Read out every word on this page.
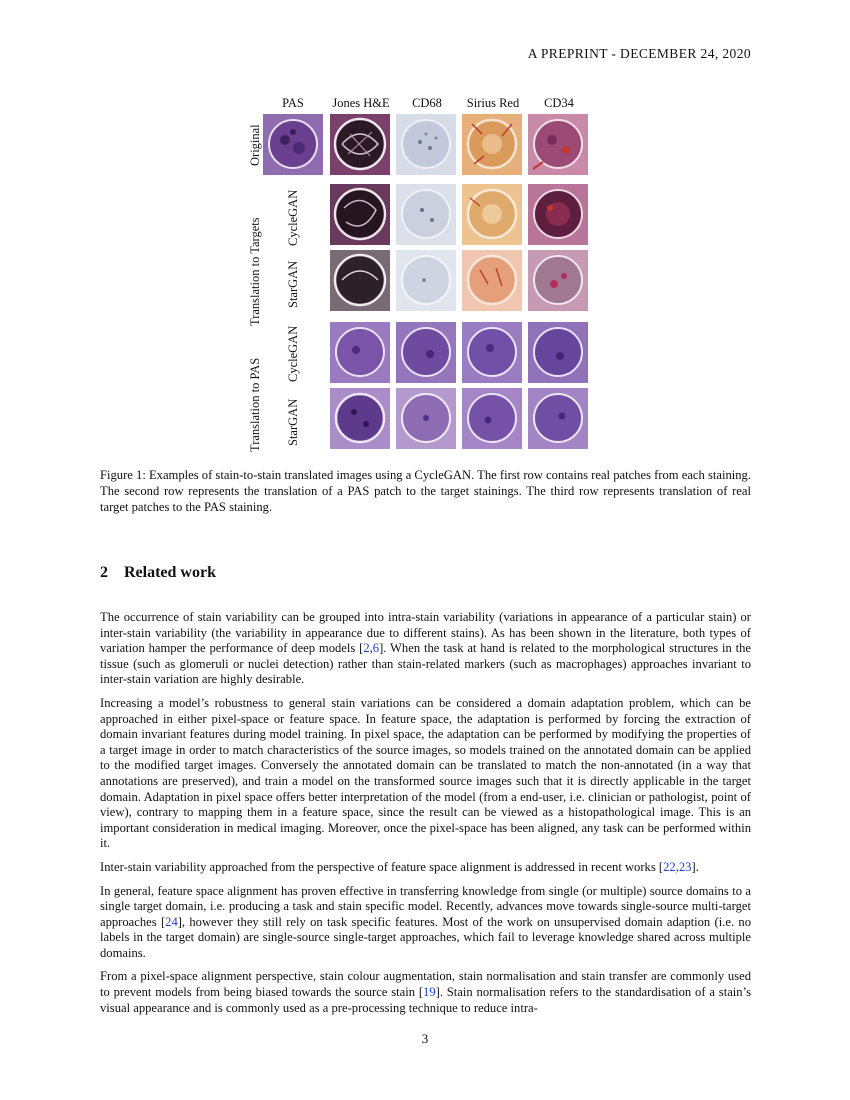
A PREPRINT - DECEMBER 24, 2020
PAS	Jones H&E	CD68	Sirius Red	CD34
Original
Translation to Targets CycleGAN
StarGAN
Translation to PAS
CycleGAN
StarGAN
Figure 1: Examples of stain-to-stain translated images using a CycleGAN. The first row contains real patches from each staining. The second row represents the translation of a PAS patch to the target stainings. The third row represents translation of real target patches to the PAS staining.
2 Related work

The occurrence of stain variability can be grouped into intra-stain variability (variations in appearance of a particular stain) or inter-stain variability (the variability in appearance due to different stains). As has been shown in the literature, both types of variation hamper the performance of deep models [2,6]. When the task at hand is related to the morphological structures in the tissue (such as glomeruli or nuclei detection) rather than stain-related markers (such as macrophages) approaches invariant to inter-stain variation are highly desirable.

Increasing a model’s robustness to general stain variations can be considered a domain adaptation problem, which can be approached in either pixel-space or feature space. In feature space, the adaptation is performed by forcing the extraction of domain invariant features during model training. In pixel space, the adaptation can be performed by modifying the properties of a target image in order to match characteristics of the source images, so models trained on the annotated domain can be applied to the modified target images. Conversely the annotated domain can be translated to match the non-annotated (in a way that annotations are preserved), and train a model on the transformed source images such that it is directly applicable in the target domain. Adaptation in pixel space offers better interpretation of the model (from a end-user, i.e. clinician or pathologist, point of view), contrary to mapping them in a feature space, since the result can be viewed as a histopathological image. This is an important consideration in medical imaging. Moreover, once the pixel-space has been aligned, any task can be performed within it.

Inter-stain variability approached from the perspective of feature space alignment is addressed in recent works [22,23].

In general, feature space alignment has proven effective in transferring knowledge from single (or multiple) source domains to a single target domain, i.e. producing a task and stain specific model. Recently, advances move towards single-source multi-target approaches [24], however they still rely on task specific features. Most of the work on unsupervised domain adaption (i.e. no labels in the target domain) are single-source single-target approaches, which fail to leverage knowledge shared across multiple domains.

From a pixel-space alignment perspective, stain colour augmentation, stain normalisation and stain transfer are commonly used to prevent models from being biased towards the source stain [19]. Stain normalisation refers to the standardisation of a stain’s visual appearance and is commonly used as a pre-processing technique to reduce intra-

3
